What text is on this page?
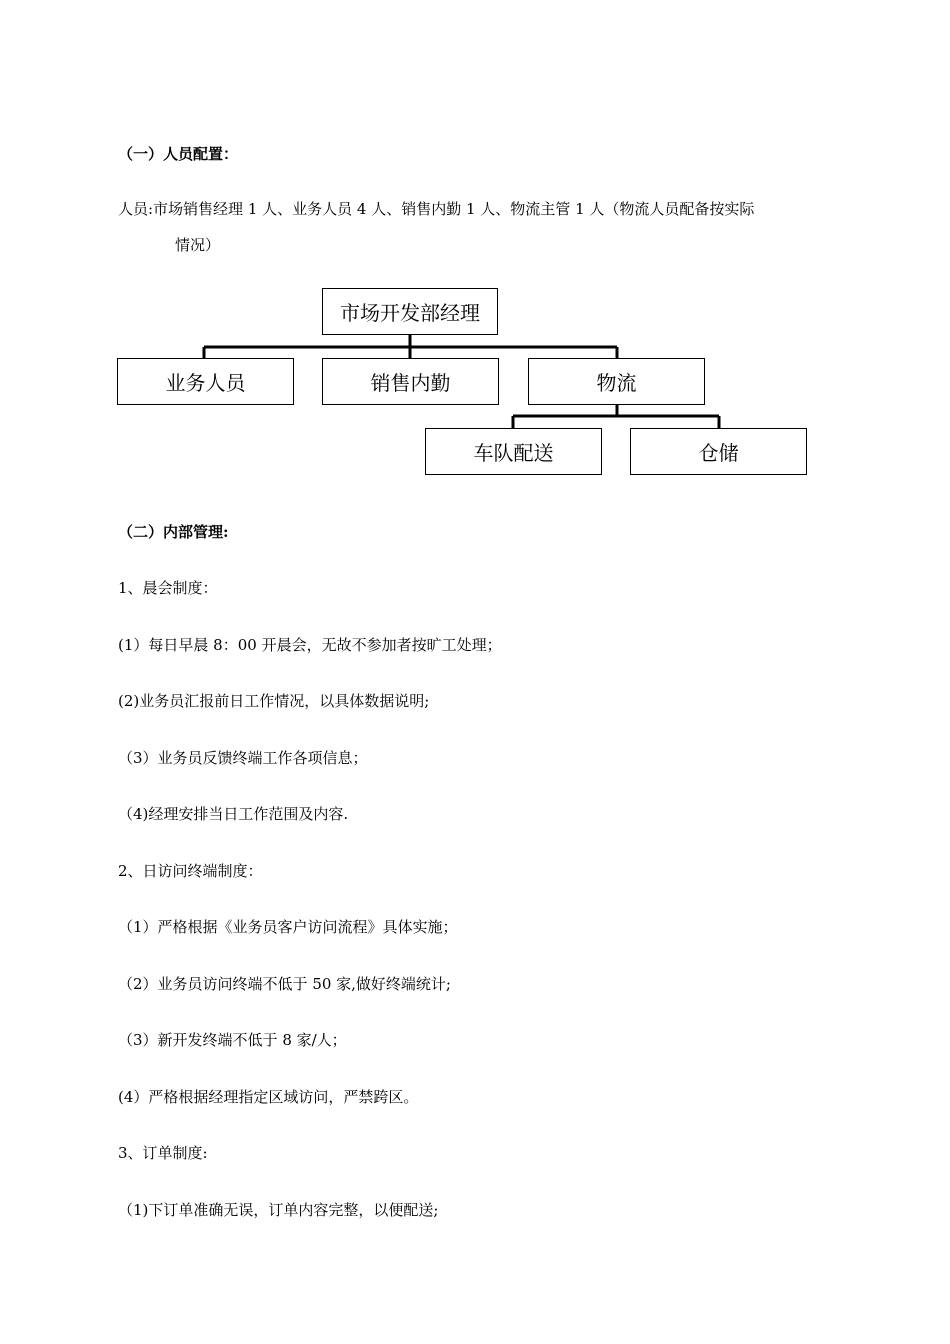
（一）人员配置：
人员:市场销售经理 1 人、业务人员 4 人、销售内勤 1 人、物流主管 1 人（物流人员配备按实际
情况）
市场开发部经理
业务人员	销售内勤	物流
车队配送	仓储
（二）内部管理:
1、晨会制度：
(1）每日早晨 8：00 开晨会，无故不参加者按旷工处理；
(2)业务员汇报前日工作情况，以具体数据说明;
（3）业务员反馈终端工作各项信息；
（4)经理安排当日工作范围及内容.
2、日访问终端制度：
（1）严格根据《业务员客户访问流程》具体实施；
（2）业务员访问终端不低于 50 家,做好终端统计;
（3）新开发终端不低于 8 家/人；
(4）严格根据经理指定区域访问，严禁跨区。
3、订单制度:
（1)下订单准确无误，订单内容完整，以便配送;
